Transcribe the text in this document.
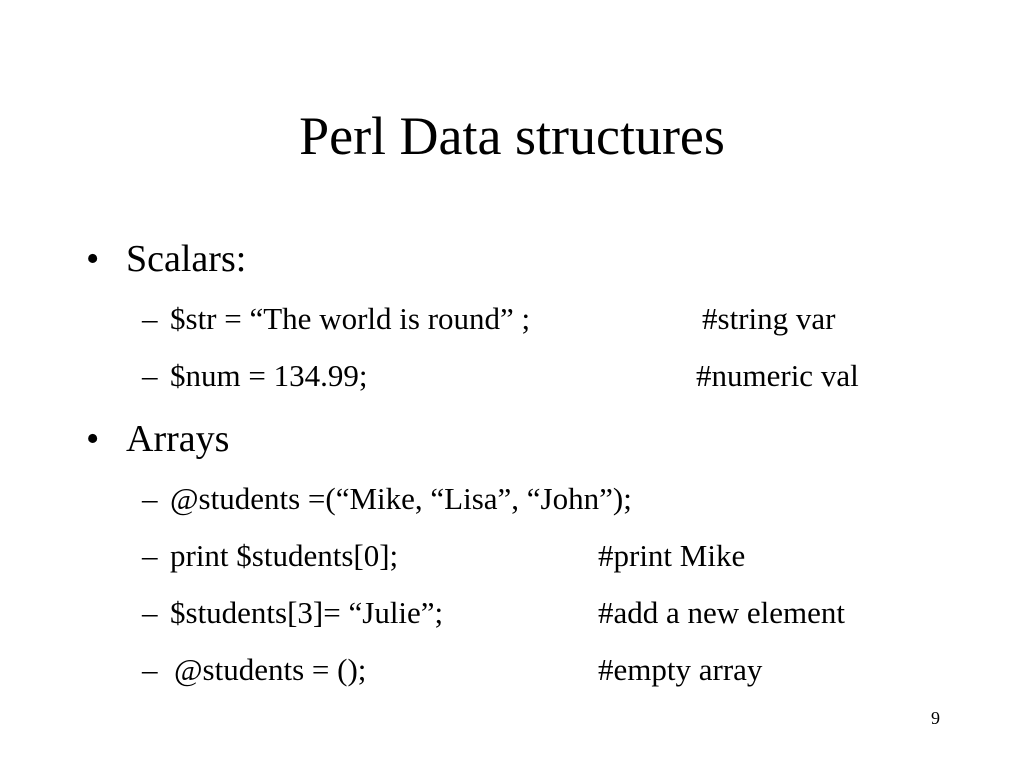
Perl Data structures
• Scalars:
– $str = “The world is round” ;	#string var
– $num = 134.99;	#numeric val
• Arrays
– @students =(“Mike, “Lisa”, “John”);
– print $students[0];	#print Mike
– $students[3]= “Julie”;	#add a new element
– @students = ();	#empty array
9
